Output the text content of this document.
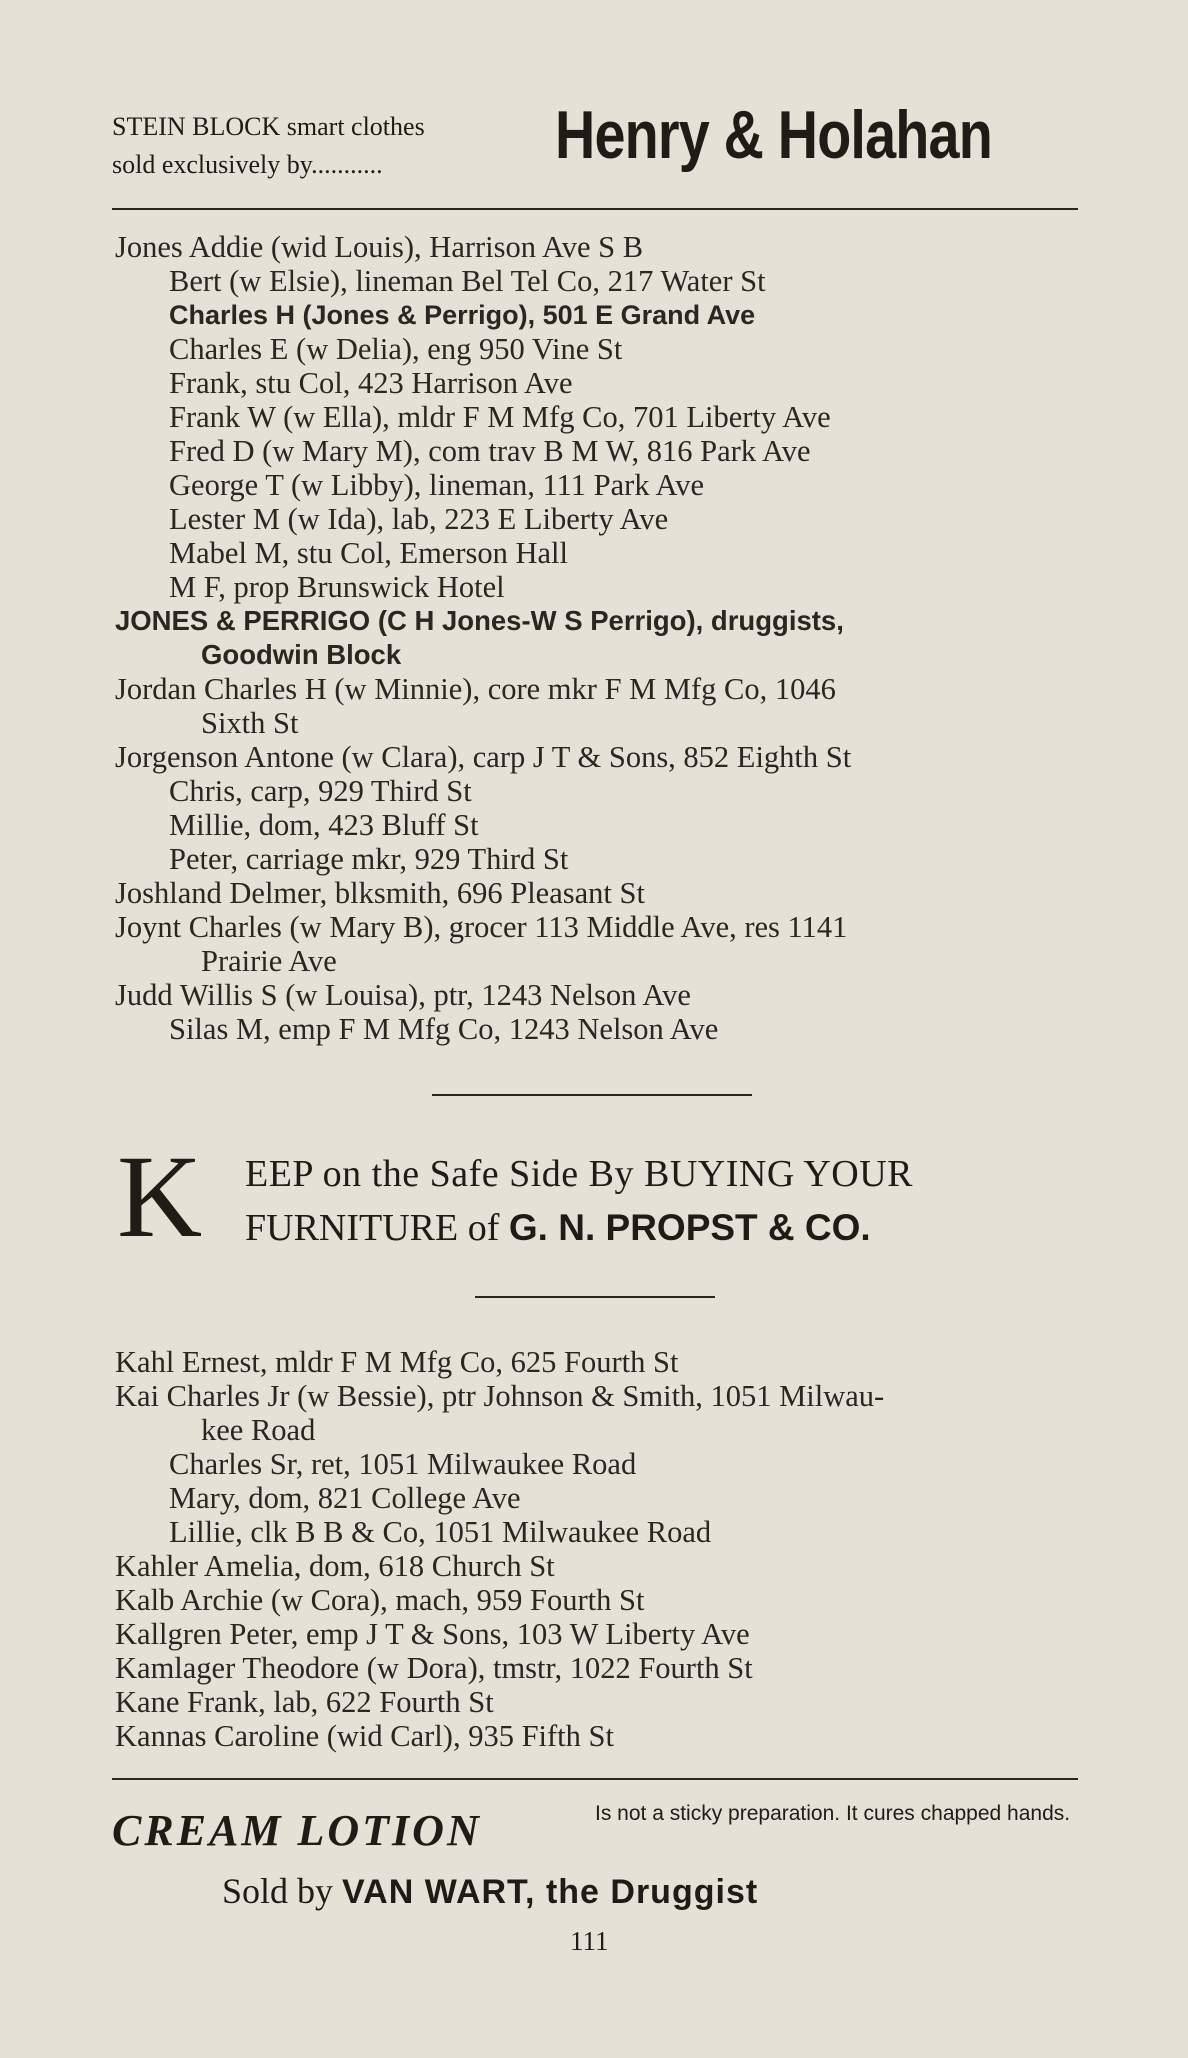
STEIN BLOCK smart clothes
sold exclusively by...........	Henry & Holahan
Jones Addie (wid Louis), Harrison Ave S B
Bert (w Elsie), lineman Bel Tel Co, 217 Water St
Charles H (Jones & Perrigo), 501 E Grand Ave
Charles E (w Delia), eng 950 Vine St
Frank, stu Col, 423 Harrison Ave
Frank W (w Ella), mldr F M Mfg Co, 701 Liberty Ave
Fred D (w Mary M), com trav B M W, 816 Park Ave
George T (w Libby), lineman, 111 Park Ave
Lester M (w Ida), lab, 223 E Liberty Ave
Mabel M, stu Col, Emerson Hall
M F, prop Brunswick Hotel
JONES & PERRIGO (C H Jones-W S Perrigo), druggists,
Goodwin Block
Jordan Charles H (w Minnie), core mkr F M Mfg Co, 1046
Sixth St
Jorgenson Antone (w Clara), carp J T & Sons, 852 Eighth St
Chris, carp, 929 Third St
Millie, dom, 423 Bluff St
Peter, carriage mkr, 929 Third St
Joshland Delmer, blksmith, 696 Pleasant St
Joynt Charles (w Mary B), grocer 113 Middle Ave, res 1141
Prairie Ave
Judd Willis S (w Louisa), ptr, 1243 Nelson Ave
Silas M, emp F M Mfg Co, 1243 Nelson Ave
K EEP on the Safe Side By BUYING YOUR
FURNITURE of G. N. PROPST & CO.
Kahl Ernest, mldr F M Mfg Co, 625 Fourth St
Kai Charles Jr (w Bessie), ptr Johnson & Smith, 1051 Milwau-
kee Road
Charles Sr, ret, 1051 Milwaukee Road
Mary, dom, 821 College Ave
Lillie, clk B B & Co, 1051 Milwaukee Road
Kahler Amelia, dom, 618 Church St
Kalb Archie (w Cora), mach, 959 Fourth St
Kallgren Peter, emp J T & Sons, 103 W Liberty Ave
Kamlager Theodore (w Dora), tmstr, 1022 Fourth St
Kane Frank, lab, 622 Fourth St
Kannas Caroline (wid Carl), 935 Fifth St
CREAM LOTION	Is not a sticky preparation. It cures chapped hands.
Sold by VAN WART, the Druggist
111
